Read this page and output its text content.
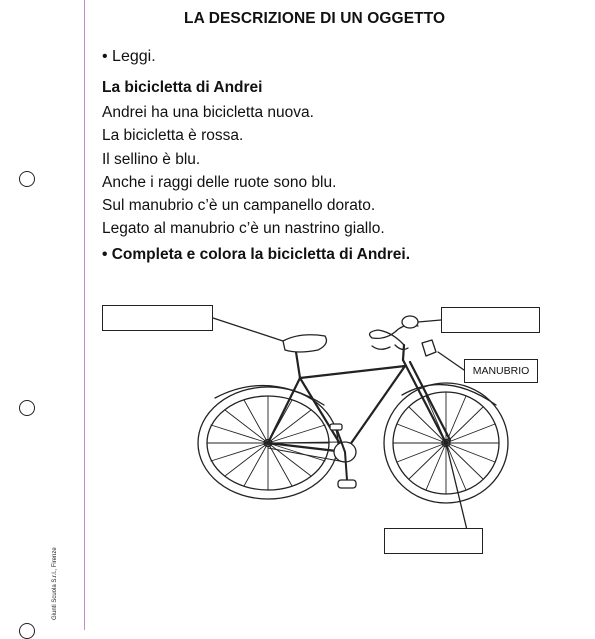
Giunti Scuola S.r.l., Firenze
LA DESCRIZIONE DI UN OGGETTO
• Leggi.
La bicicletta di Andrei
Andrei ha una bicicletta nuova.
La bicicletta è rossa.
Il sellino è blu.
Anche i raggi delle ruote sono blu.
Sul manubrio c’è un campanello dorato.
Legato al manubrio c’è un nastrino giallo.
• Completa e colora la bicicletta di Andrei.
MANUBRIO
